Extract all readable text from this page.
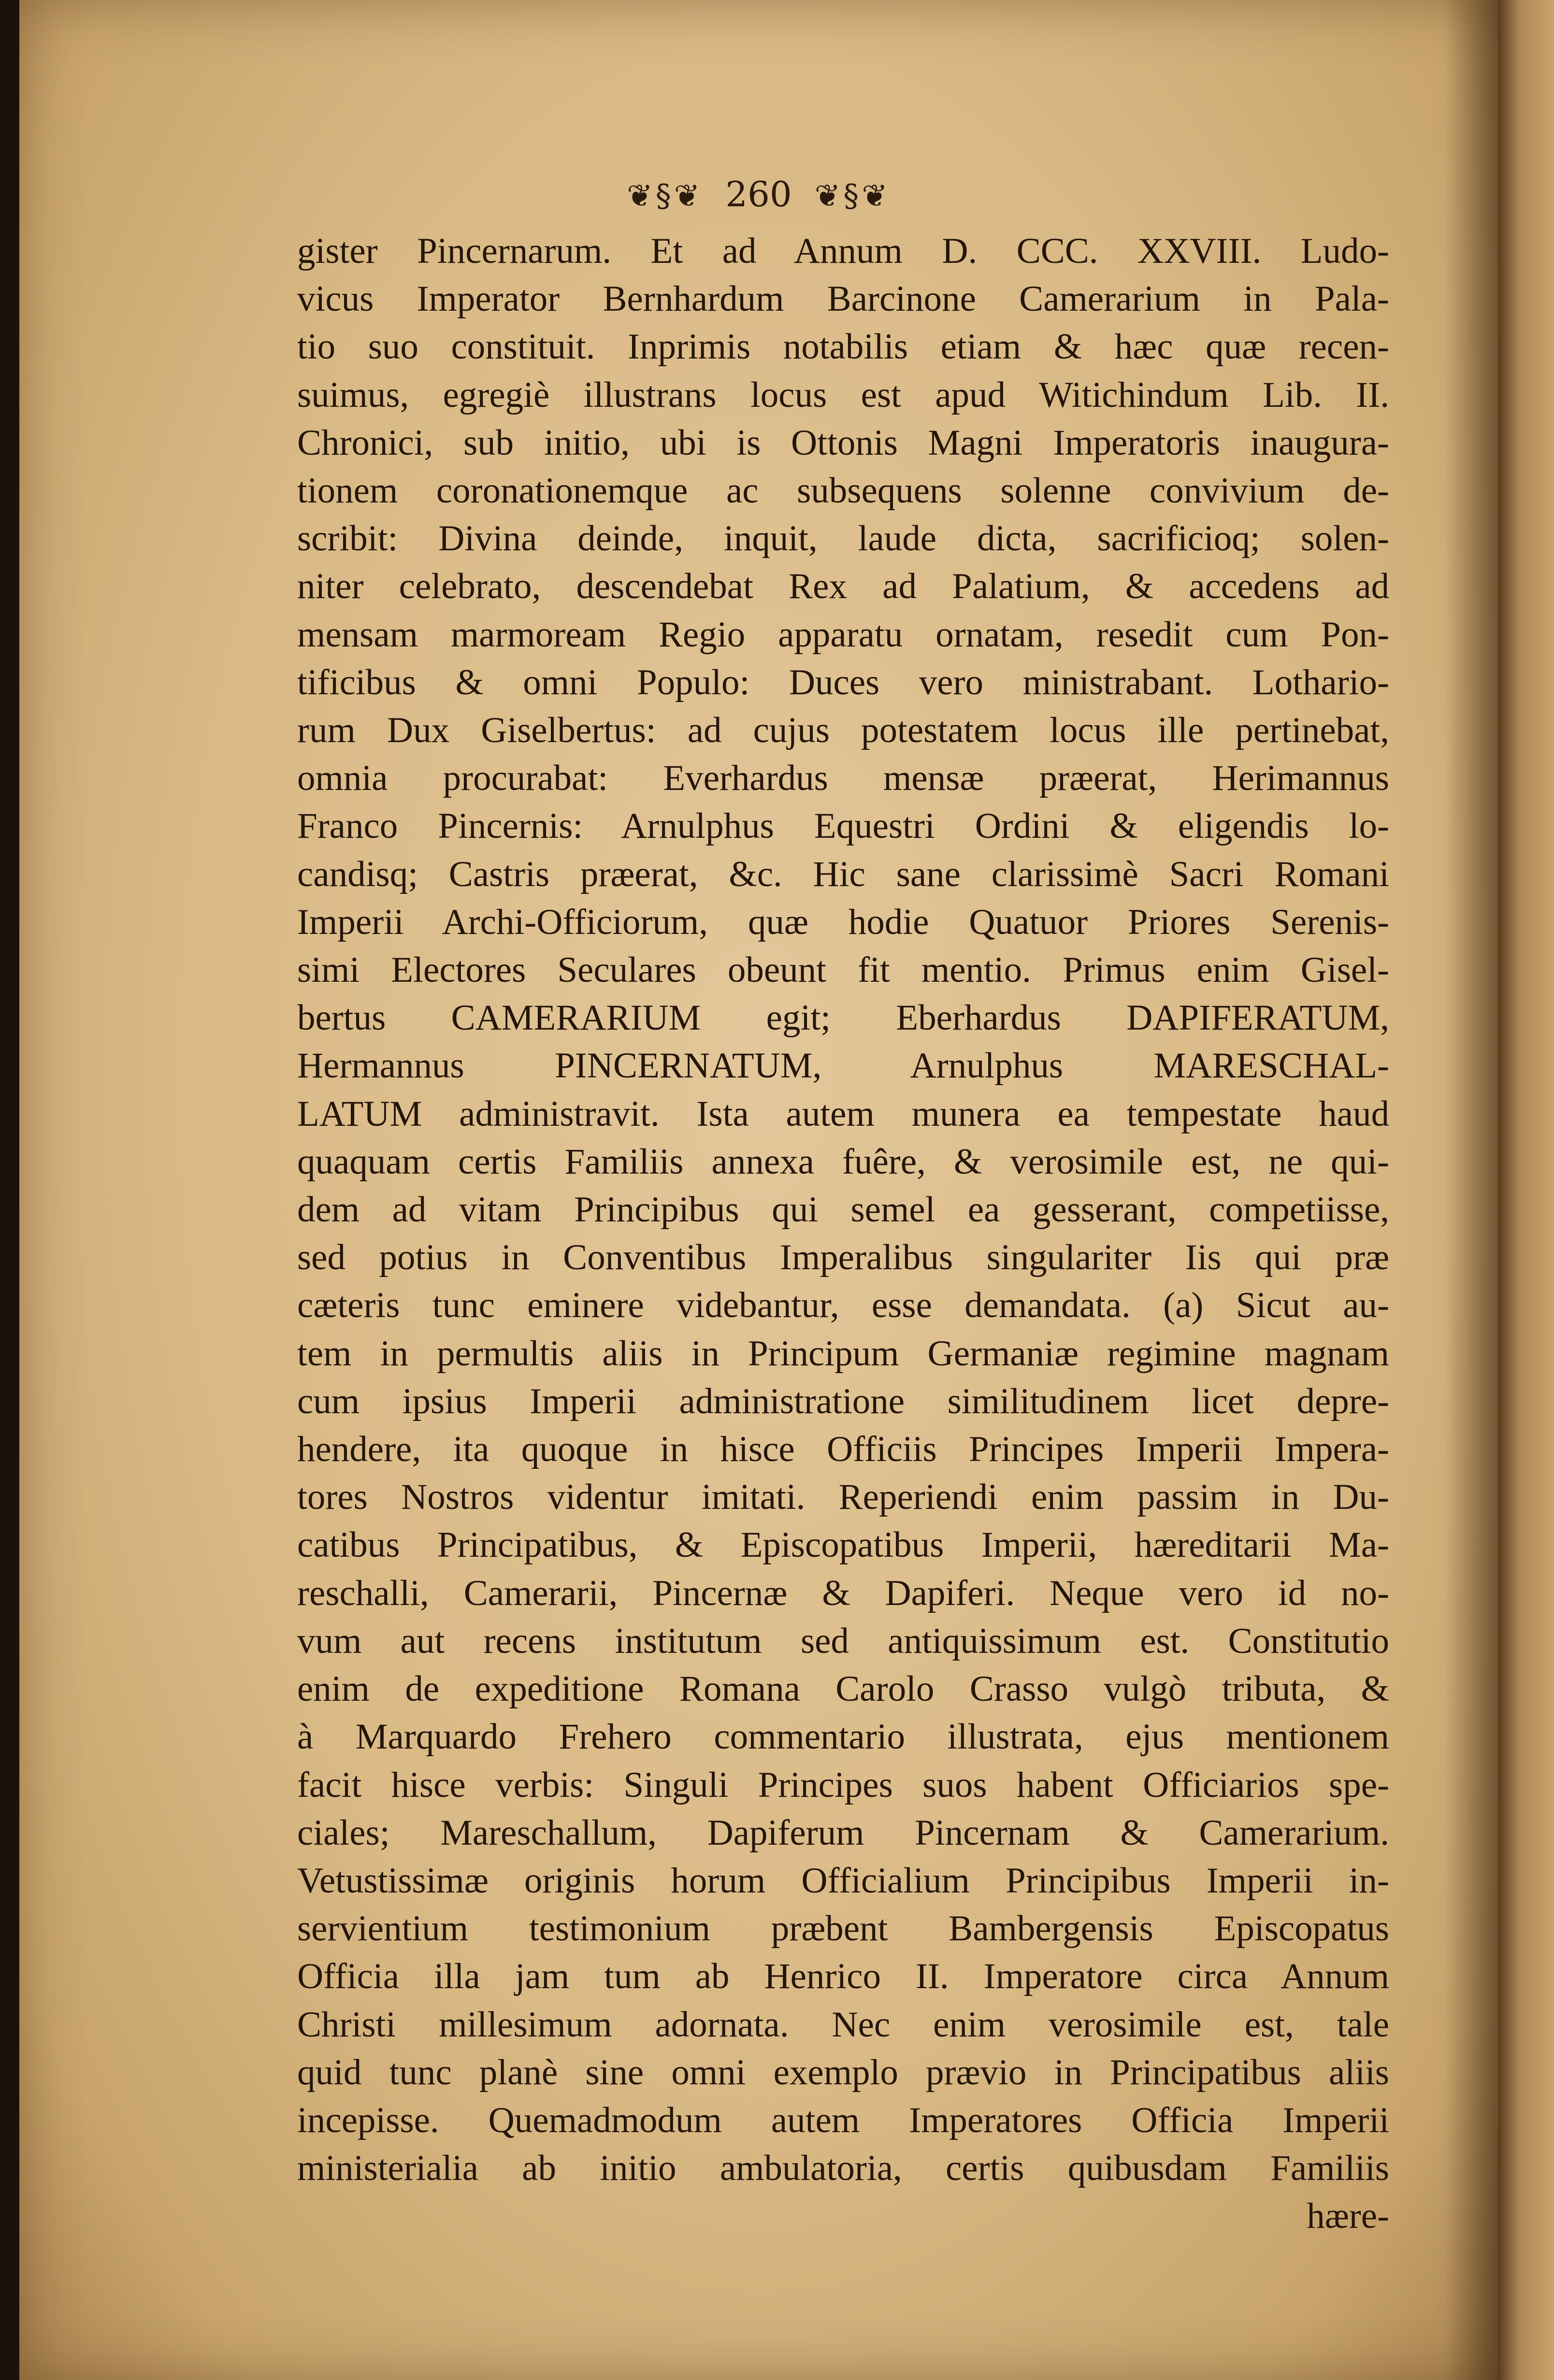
❦§❦ 260 ❦§❦
gister Pincernarum. Et ad Annum D. CCC. XXVIII. Ludo-
vicus Imperator Bernhardum Barcinone Camerarium in Pala-
tio suo constituit. Inprimis notabilis etiam & hæc quæ recen-
suimus, egregiè illustrans locus est apud Witichindum Lib. II.
Chronici, sub initio, ubi is Ottonis Magni Imperatoris inaugura-
tionem coronationemque ac subsequens solenne convivium de-
scribit: Divina deinde, inquit, laude dicta, sacrificioq; solen-
niter celebrato, descendebat Rex ad Palatium, & accedens ad
mensam marmoream Regio apparatu ornatam, resedit cum Pon-
tificibus & omni Populo: Duces vero ministrabant. Lothario-
rum Dux Giselbertus: ad cujus potestatem locus ille pertinebat,
omnia procurabat: Everhardus mensæ præerat, Herimannus
Franco Pincernis: Arnulphus Equestri Ordini & eligendis lo-
candisq; Castris præerat, &c. Hic sane clarissimè Sacri Romani
Imperii Archi-Officiorum, quæ hodie Quatuor Priores Serenis-
simi Electores Seculares obeunt fit mentio. Primus enim Gisel-
bertus CAMERARIUM egit; Eberhardus DAPIFERATUM,
Hermannus PINCERNATUM, Arnulphus MARESCHAL-
LATUM administravit. Ista autem munera ea tempestate haud
quaquam certis Familiis annexa fuêre, & verosimile est, ne qui-
dem ad vitam Principibus qui semel ea gesserant, competiisse,
sed potius in Conventibus Imperalibus singulariter Iis qui præ
cæteris tunc eminere videbantur, esse demandata. (a) Sicut au-
tem in permultis aliis in Principum Germaniæ regimine magnam
cum ipsius Imperii administratione similitudinem licet depre-
hendere, ita quoque in hisce Officiis Principes Imperii Impera-
tores Nostros videntur imitati. Reperiendi enim passim in Du-
catibus Principatibus, & Episcopatibus Imperii, hæreditarii Ma-
reschalli, Camerarii, Pincernæ & Dapiferi. Neque vero id no-
vum aut recens institutum sed antiquissimum est. Constitutio
enim de expeditione Romana Carolo Crasso vulgò tributa, &
à Marquardo Frehero commentario illustrata, ejus mentionem
facit hisce verbis: Singuli Principes suos habent Officiarios spe-
ciales; Mareschallum, Dapiferum Pincernam & Camerarium.
Vetustissimæ originis horum Officialium Principibus Imperii in-
servientium testimonium præbent Bambergensis Episcopatus
Officia illa jam tum ab Henrico II. Imperatore circa Annum
Christi millesimum adornata. Nec enim verosimile est, tale
quid tunc planè sine omni exemplo prævio in Principatibus aliis
incepisse. Quemadmodum autem Imperatores Officia Imperii
ministerialia ab initio ambulatoria, certis quibusdam Familiis
hære-
